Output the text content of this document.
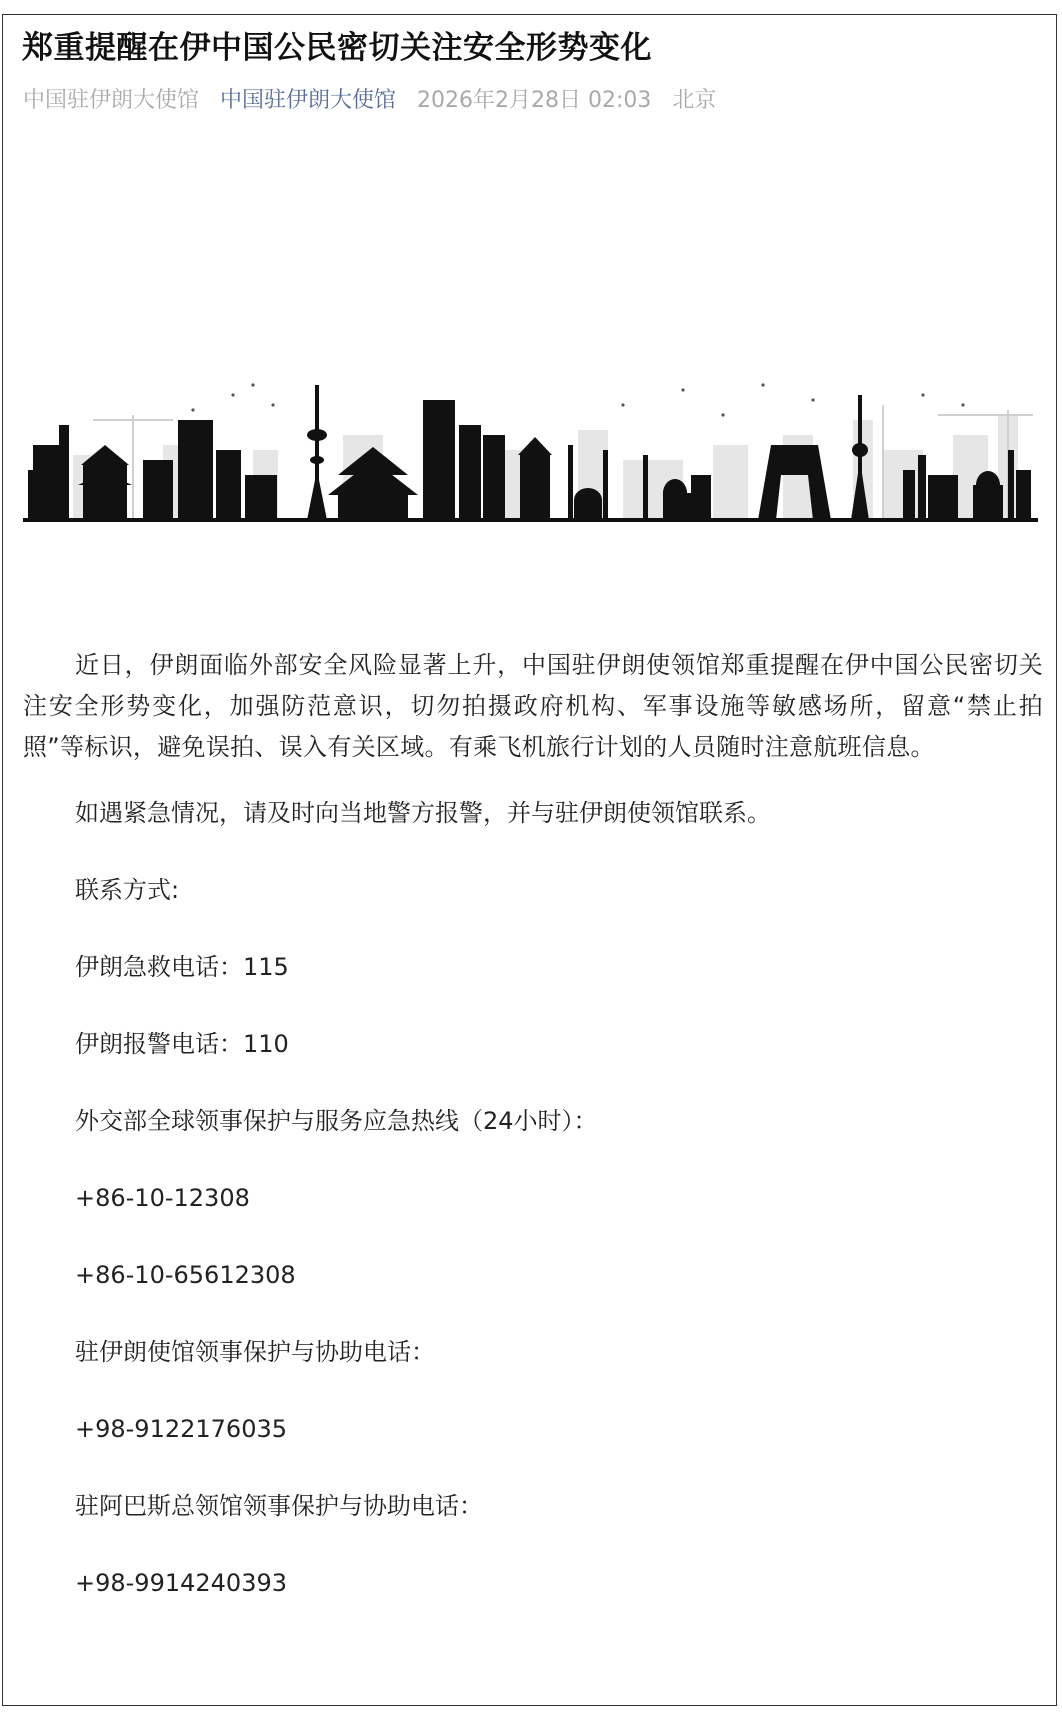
郑重提醒在伊中国公民密切关注安全形势变化
中国驻伊朗大使馆 中国驻伊朗大使馆 2026年2月28日 02:03 北京

近日，伊朗面临外部安全风险显著上升，中国驻伊朗使领馆郑重提醒在伊中国公民密切关注安全形势变化，加强防范意识，切勿拍摄政府机构、军事设施等敏感场所，留意“禁止拍照”等标识，避免误拍、误入有关区域。有乘飞机旅行计划的人员随时注意航班信息。

如遇紧急情况，请及时向当地警方报警，并与驻伊朗使领馆联系。

联系方式:

伊朗急救电话：115

伊朗报警电话：110

外交部全球领事保护与服务应急热线（24小时）：

+86-10-12308

+86-10-65612308

驻伊朗使馆领事保护与协助电话：

+98-9122176035

驻阿巴斯总领馆领事保护与协助电话：

+98-9914240393
